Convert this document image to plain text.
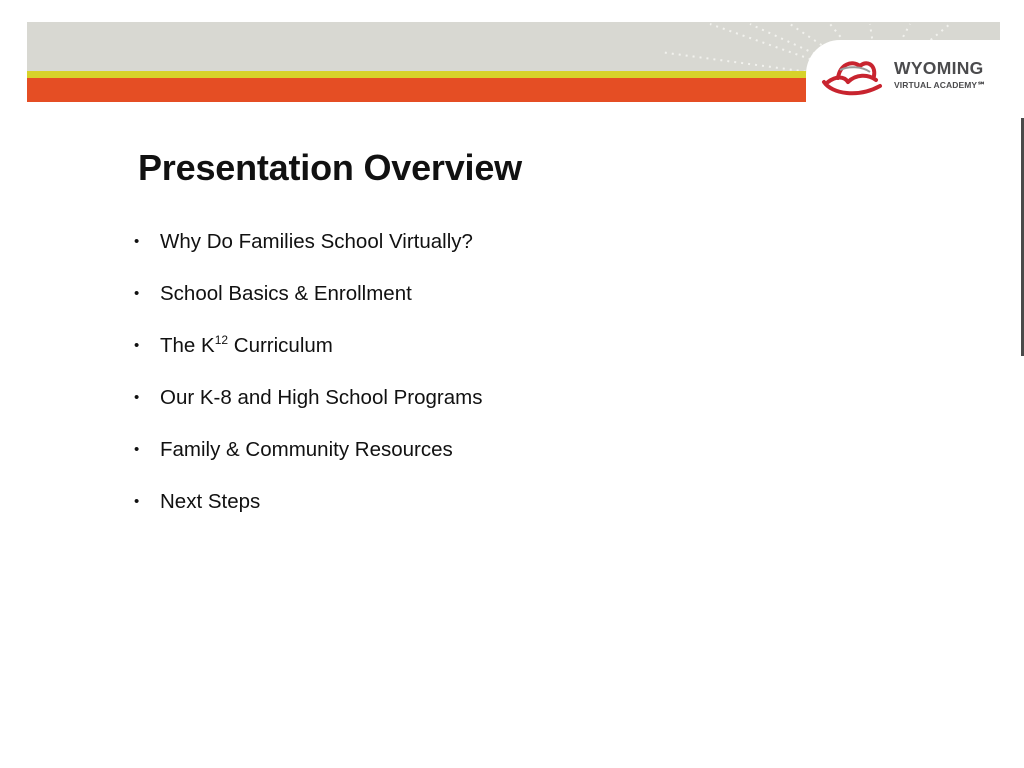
WYOMING
VIRTUAL ACADEMY℠
Presentation Overview
• Why Do Families School Virtually?
• School Basics & Enrollment
• The $K^{12}$ Curriculum
• Our K-8 and High School Programs
• Family & Community Resources
• Next Steps
